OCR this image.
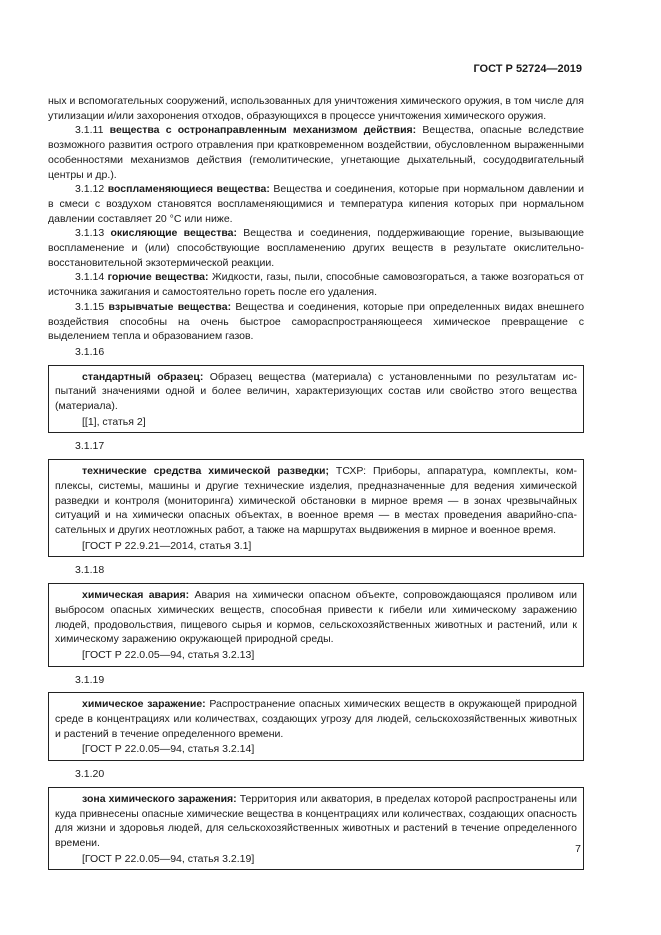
ГОСТ Р 52724—2019

ных и вспомогательных сооружений, использованных для уничтожения химического оружия, в том числе для утилизации и/или захоронения отходов, образующихся в процессе уничтожения химического оружия.

3.1.11 вещества с остронаправленным механизмом действия: Вещества, опасные вследствие возможного развития острого отравления при кратковременном воздействии, обусловленном выраженными особенностями механизмов действия (гемолитические, угнетающие дыхательный, сосудодвигательный центры и др.).

3.1.12 воспламеняющиеся вещества: Вещества и соединения, которые при нормальном давлении и в смеси с воздухом становятся воспламеняющимися и температура кипения которых при нормальном давлении составляет 20 °С или ниже.

3.1.13 окисляющие вещества: Вещества и соединения, поддерживающие горение, вызывающие воспламенение и (или) способствующие воспламенению других веществ в результате окислительно-восстановительной экзотермической реакции.

3.1.14 горючие вещества: Жидкости, газы, пыли, способные самовозгораться, а также возгораться от источника зажигания и самостоятельно гореть после его удаления.

3.1.15 взрывчатые вещества: Вещества и соединения, которые при определенных видах внешнего воздействия способны на очень быстрое самораспространяющееся химическое превращение с выделением тепла и образованием газов.

3.1.16

стандартный образец: Образец вещества (материала) с установленными по результатам испытаний значениями одной и более величин, характеризующих состав или свойство этого вещества (материала).

[[1], статья 2]
3.1.17

технические средства химической разведки; ТСХР: Приборы, аппаратура, комплекты, комплексы, системы, машины и другие технические изделия, предназначенные для ведения химической разведки и контроля (мониторинга) химической обстановки в мирное время — в зонах чрезвычайных ситуаций и на химически опасных объектах, в военное время — в местах проведения аварийно-спасательных и других неотложных работ, а также на маршрутах выдвижения в мирное и военное время.

[ГОСТ Р 22.9.21—2014, статья 3.1]
3.1.18

химическая авария: Авария на химически опасном объекте, сопровождающаяся проливом или выбросом опасных химических веществ, способная привести к гибели или химическому заражению людей, продовольствия, пищевого сырья и кормов, сельскохозяйственных животных и растений, или к химическому заражению окружающей природной среды.

[ГОСТ Р 22.0.05—94, статья 3.2.13]
3.1.19

химическое заражение: Распространение опасных химических веществ в окружающей природной среде в концентрациях или количествах, создающих угрозу для людей, сельскохозяйственных животных и растений в течение определенного времени.

[ГОСТ Р 22.0.05—94, статья 3.2.14]
3.1.20

зона химического заражения: Территория или акватория, в пределах которой распространены или куда привнесены опасные химические вещества в концентрациях или количествах, создающих опасность для жизни и здоровья людей, для сельскохозяйственных животных и растений в течение определенного времени.

[ГОСТ Р 22.0.05—94, статья 3.2.19]
7
